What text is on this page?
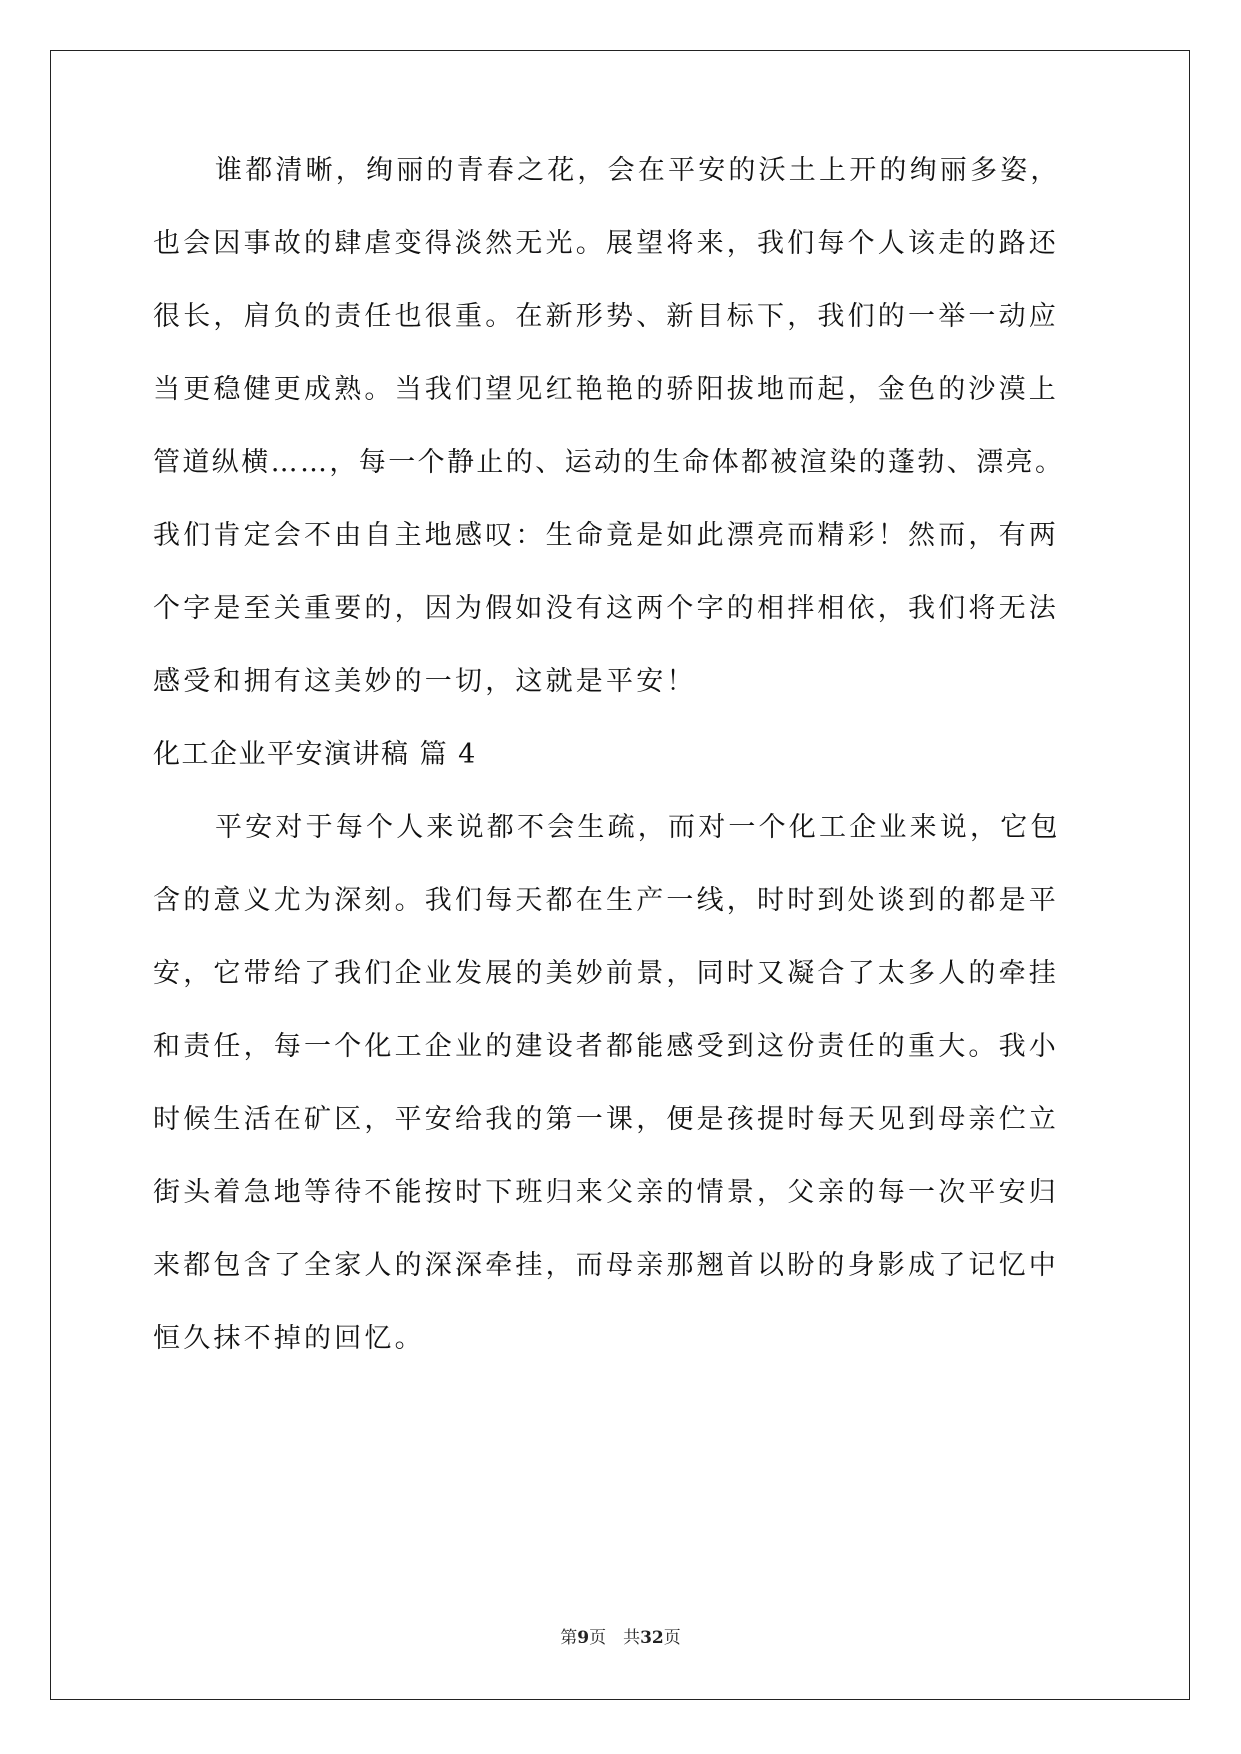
谁都清晰，绚丽的青春之花，会在平安的沃土上开的绚丽多姿，
也会因事故的肆虐变得淡然无光。展望将来，我们每个人该走的路还
很长，肩负的责任也很重。在新形势、新目标下，我们的一举一动应
当更稳健更成熟。当我们望见红艳艳的骄阳拔地而起，金色的沙漠上
管道纵横……，每一个静止的、运动的生命体都被渲染的蓬勃、漂亮。
我们肯定会不由自主地感叹：生命竟是如此漂亮而精彩！然而，有两
个字是至关重要的，因为假如没有这两个字的相拌相依，我们将无法
感受和拥有这美妙的一切，这就是平安！
化工企业平安演讲稿 篇 4
平安对于每个人来说都不会生疏，而对一个化工企业来说，它包
含的意义尤为深刻。我们每天都在生产一线，时时到处谈到的都是平
安，它带给了我们企业发展的美妙前景，同时又凝合了太多人的牵挂
和责任，每一个化工企业的建设者都能感受到这份责任的重大。我小
时候生活在矿区，平安给我的第一课，便是孩提时每天见到母亲伫立
街头着急地等待不能按时下班归来父亲的情景，父亲的每一次平安归
来都包含了全家人的深深牵挂，而母亲那翘首以盼的身影成了记忆中
恒久抹不掉的回忆。
第9页　共32页
